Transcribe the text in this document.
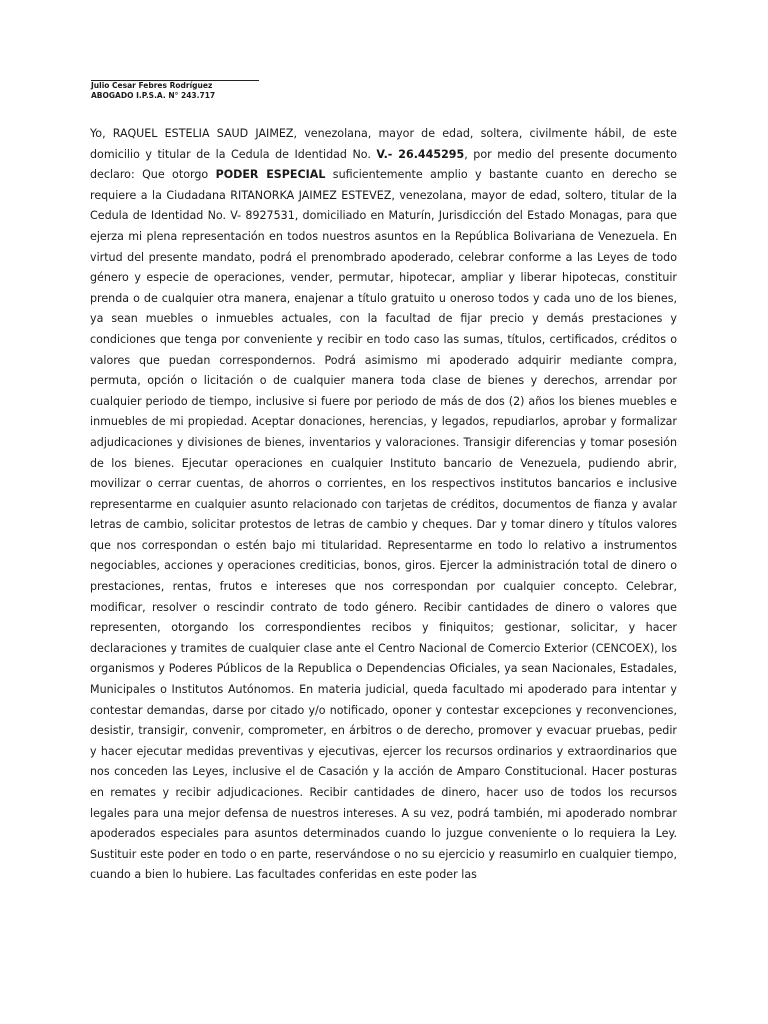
Julio Cesar Febres Rodríguez
ABOGADO I.P.S.A. N° 243.717
Yo, RAQUEL ESTELIA SAUD JAIMEZ, venezolana, mayor de edad, soltera, civilmente hábil, de este domicilio y titular de la Cedula de Identidad No. V.- 26.445295, por medio del presente documento declaro: Que otorgo PODER ESPECIAL suficientemente amplio y bastante cuanto en derecho se requiere a la Ciudadana RITANORKA JAIMEZ ESTEVEZ, venezolana, mayor de edad, soltero, titular de la Cedula de Identidad No. V- 8927531, domiciliado en Maturín, Jurisdicción del Estado Monagas, para que ejerza mi plena representación en todos nuestros asuntos en la República Bolivariana de Venezuela. En virtud del presente mandato, podrá el prenombrado apoderado, celebrar conforme a las Leyes de todo género y especie de operaciones, vender, permutar, hipotecar, ampliar y liberar hipotecas, constituir prenda o de cualquier otra manera, enajenar a título gratuito u oneroso todos y cada uno de los bienes, ya sean muebles o inmuebles actuales, con la facultad de fijar precio y demás prestaciones y condiciones que tenga por conveniente y recibir en todo caso las sumas, títulos, certificados, créditos o valores que puedan correspondernos. Podrá asimismo mi apoderado adquirir mediante compra, permuta, opción o licitación o de cualquier manera toda clase de bienes y derechos, arrendar por cualquier periodo de tiempo, inclusive si fuere por periodo de más de dos (2) años los bienes muebles e inmuebles de mi propiedad. Aceptar donaciones, herencias, y legados, repudiarlos, aprobar y formalizar adjudicaciones y divisiones de bienes, inventarios y valoraciones. Transigir diferencias y tomar posesión de los bienes. Ejecutar operaciones en cualquier Instituto bancario de Venezuela, pudiendo abrir, movilizar o cerrar cuentas, de ahorros o corrientes, en los respectivos institutos bancarios e inclusive representarme en cualquier asunto relacionado con tarjetas de créditos, documentos de fianza y avalar letras de cambio, solicitar protestos de letras de cambio y cheques. Dar y tomar dinero y títulos valores que nos correspondan o estén bajo mi titularidad. Representarme en todo lo relativo a instrumentos negociables, acciones y operaciones crediticias, bonos, giros. Ejercer la administración total de dinero o prestaciones, rentas, frutos e intereses que nos correspondan por cualquier concepto. Celebrar, modificar, resolver o rescindir contrato de todo género. Recibir cantidades de dinero o valores que representen, otorgando los correspondientes recibos y finiquitos; gestionar, solicitar, y hacer declaraciones y tramites de cualquier clase ante el Centro Nacional de Comercio Exterior (CENCOEX), los organismos y Poderes Públicos de la Republica o Dependencias Oficiales, ya sean Nacionales, Estadales, Municipales o Institutos Autónomos. En materia judicial, queda facultado mi apoderado para intentar y contestar demandas, darse por citado y/o notificado, oponer y contestar excepciones y reconvenciones, desistir, transigir, convenir, comprometer, en árbitros o de derecho, promover y evacuar pruebas, pedir y hacer ejecutar medidas preventivas y ejecutivas, ejercer los recursos ordinarios y extraordinarios que nos conceden las Leyes, inclusive el de Casación y la acción de Amparo Constitucional. Hacer posturas en remates y recibir adjudicaciones. Recibir cantidades de dinero, hacer uso de todos los recursos legales para una mejor defensa de nuestros intereses. A su vez, podrá también, mi apoderado nombrar apoderados especiales para asuntos determinados cuando lo juzgue conveniente o lo requiera la Ley. Sustituir este poder en todo o en parte, reservándose o no su ejercicio y reasumirlo en cualquier tiempo, cuando a bien lo hubiere. Las facultades conferidas en este poder las
